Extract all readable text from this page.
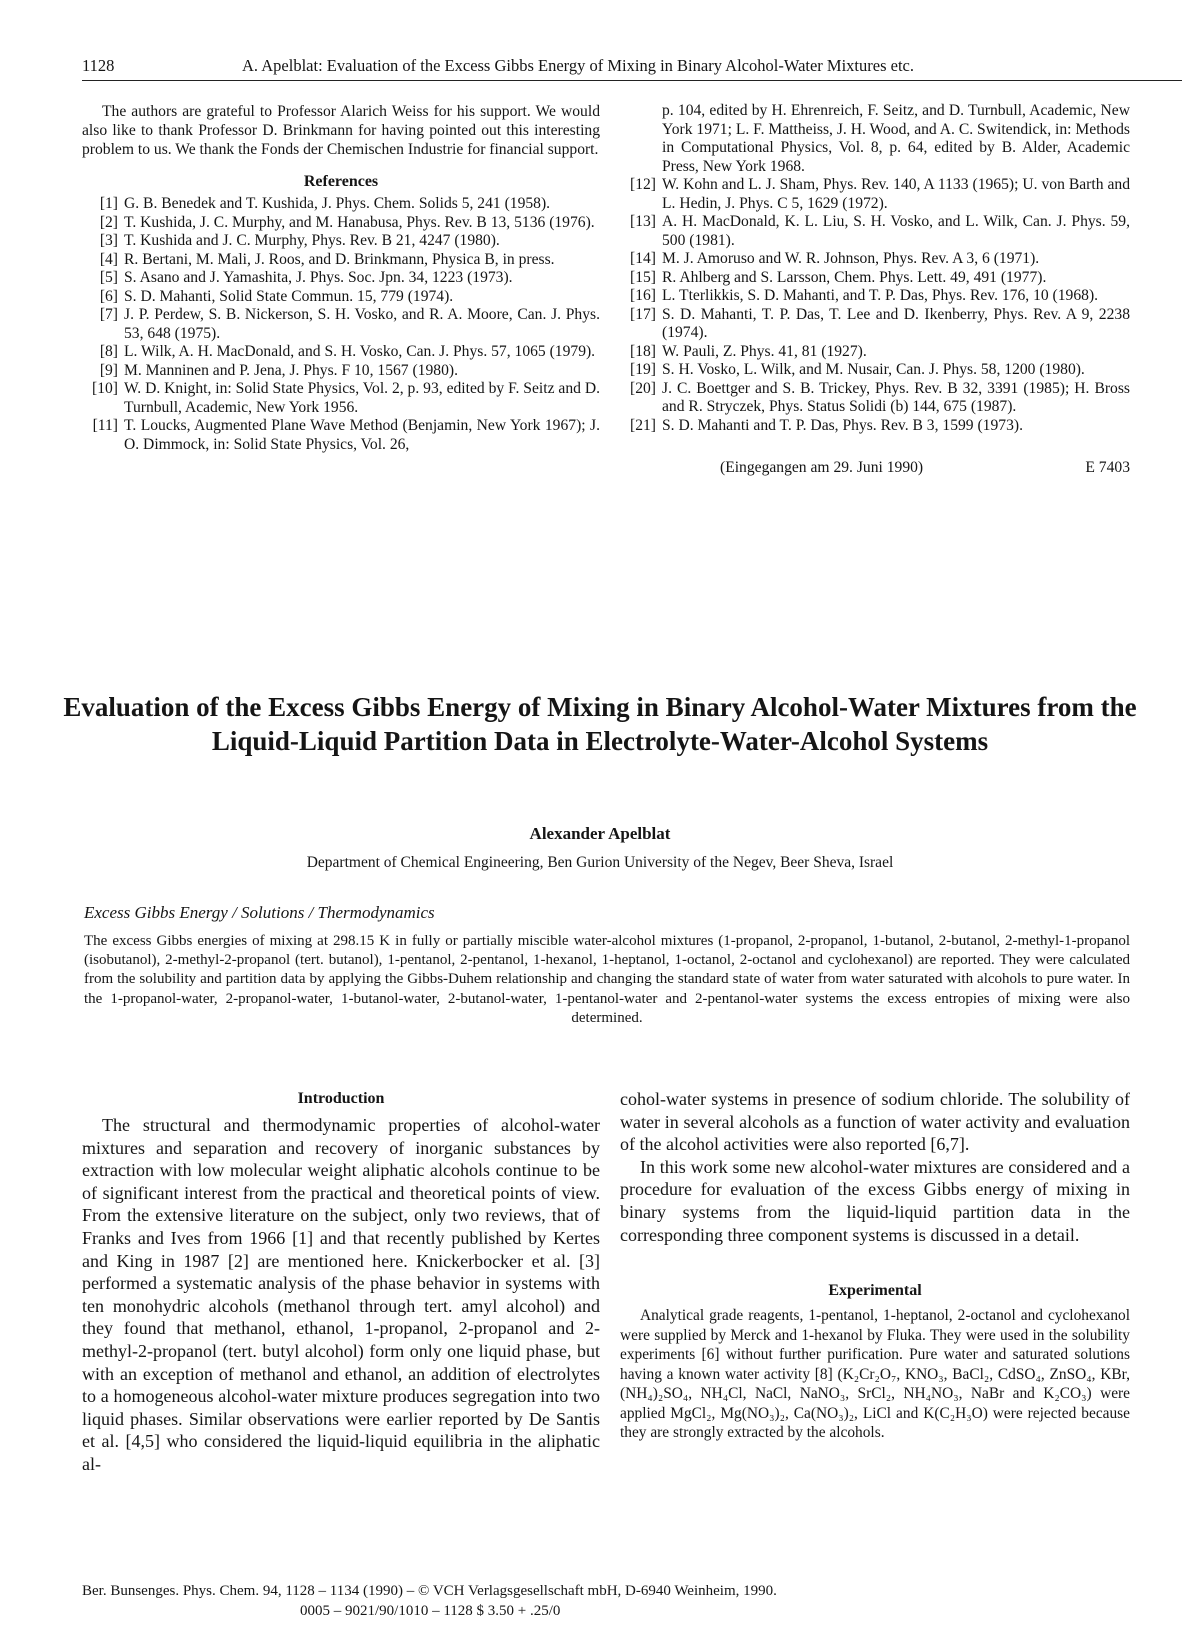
1128	A. Apelblat: Evaluation of the Excess Gibbs Energy of Mixing in Binary Alcohol-Water Mixtures etc.

The authors are grateful to Professor Alarich Weiss for his support. We would also like to thank Professor D. Brinkmann for having pointed out this interesting problem to us. We thank the Fonds der Chemischen Industrie for financial support.

References
[1] G. B. Benedek and T. Kushida, J. Phys. Chem. Solids 5, 241 (1958).
[2] T. Kushida, J. C. Murphy, and M. Hanabusa, Phys. Rev. B 13, 5136 (1976).
[3] T. Kushida and J. C. Murphy, Phys. Rev. B 21, 4247 (1980).
[4] R. Bertani, M. Mali, J. Roos, and D. Brinkmann, Physica B, in press.
[5] S. Asano and J. Yamashita, J. Phys. Soc. Jpn. 34, 1223 (1973).
[6] S. D. Mahanti, Solid State Commun. 15, 779 (1974).
[7] J. P. Perdew, S. B. Nickerson, S. H. Vosko, and R. A. Moore, Can. J. Phys. 53, 648 (1975).
[8] L. Wilk, A. H. MacDonald, and S. H. Vosko, Can. J. Phys. 57, 1065 (1979).
[9] M. Manninen and P. Jena, J. Phys. F 10, 1567 (1980).
[10] W. D. Knight, in: Solid State Physics, Vol. 2, p. 93, edited by F. Seitz and D. Turnbull, Academic, New York 1956.
[11] T. Loucks, Augmented Plane Wave Method (Benjamin, New York 1967); J. O. Dimmock, in: Solid State Physics, Vol. 26,
p. 104, edited by H. Ehrenreich, F. Seitz, and D. Turnbull, Academic, New York 1971; L. F. Mattheiss, J. H. Wood, and A. C. Switendick, in: Methods in Computational Physics, Vol. 8, p. 64, edited by B. Alder, Academic Press, New York 1968.
[12] W. Kohn and L. J. Sham, Phys. Rev. 140, A 1133 (1965); U. von Barth and L. Hedin, J. Phys. C 5, 1629 (1972).
[13] A. H. MacDonald, K. L. Liu, S. H. Vosko, and L. Wilk, Can. J. Phys. 59, 500 (1981).
[14] M. J. Amoruso and W. R. Johnson, Phys. Rev. A 3, 6 (1971).
[15] R. Ahlberg and S. Larsson, Chem. Phys. Lett. 49, 491 (1977).
[16] L. Tterlikkis, S. D. Mahanti, and T. P. Das, Phys. Rev. 176, 10 (1968).
[17] S. D. Mahanti, T. P. Das, T. Lee and D. Ikenberry, Phys. Rev. A 9, 2238 (1974).
[18] W. Pauli, Z. Phys. 41, 81 (1927).
[19] S. H. Vosko, L. Wilk, and M. Nusair, Can. J. Phys. 58, 1200 (1980).
[20] J. C. Boettger and S. B. Trickey, Phys. Rev. B 32, 3391 (1985); H. Bross and R. Stryczek, Phys. Status Solidi (b) 144, 675 (1987).
[21] S. D. Mahanti and T. P. Das, Phys. Rev. B 3, 1599 (1973).
(Eingegangen am 29. Juni 1990)	E 7403
Evaluation of the Excess Gibbs Energy of Mixing in Binary Alcohol-Water Mixtures from the Liquid-Liquid Partition Data in Electrolyte-Water-Alcohol Systems
Alexander Apelblat
Department of Chemical Engineering, Ben Gurion University of the Negev, Beer Sheva, Israel
Excess Gibbs Energy / Solutions / Thermodynamics

The excess Gibbs energies of mixing at 298.15 K in fully or partially miscible water-alcohol mixtures (1-propanol, 2-propanol, 1-butanol, 2-butanol, 2-methyl-1-propanol (isobutanol), 2-methyl-2-propanol (tert. butanol), 1-pentanol, 2-pentanol, 1-hexanol, 1-heptanol, 1-octanol, 2-octanol and cyclohexanol) are reported. They were calculated from the solubility and partition data by applying the Gibbs-Duhem relationship and changing the standard state of water from water saturated with alcohols to pure water. In the 1-propanol-water, 2-propanol-water, 1-butanol-water, 2-butanol-water, 1-pentanol-water and 2-pentanol-water systems the excess entropies of mixing were also determined.

Introduction

The structural and thermodynamic properties of alcohol-water mixtures and separation and recovery of inorganic substances by extraction with low molecular weight aliphatic alcohols continue to be of significant interest from the practical and theoretical points of view. From the extensive literature on the subject, only two reviews, that of Franks and Ives from 1966 [1] and that recently published by Kertes and King in 1987 [2] are mentioned here. Knickerbocker et al. [3] performed a systematic analysis of the phase behavior in systems with ten monohydric alcohols (methanol through tert. amyl alcohol) and they found that methanol, ethanol, 1-propanol, 2-propanol and 2-methyl-2-propanol (tert. butyl alcohol) form only one liquid phase, but with an exception of methanol and ethanol, an addition of electrolytes to a homogeneous alcohol-water mixture produces segregation into two liquid phases. Similar observations were earlier reported by De Santis et al. [4,5] who considered the liquid-liquid equilibria in the aliphatic al-

cohol-water systems in presence of sodium chloride. The solubility of water in several alcohols as a function of water activity and evaluation of the alcohol activities were also reported [6,7].

In this work some new alcohol-water mixtures are considered and a procedure for evaluation of the excess Gibbs energy of mixing in binary systems from the liquid-liquid partition data in the corresponding three component systems is discussed in a detail.

Experimental

Analytical grade reagents, 1-pentanol, 1-heptanol, 2-octanol and cyclohexanol were supplied by Merck and 1-hexanol by Fluka. They were used in the solubility experiments [6] without further purification. Pure water and saturated solutions having a known water activity [8] (K₂Cr₂O₇, KNO₃, BaCl₂, CdSO₄, ZnSO₄, KBr, (NH₄)₂SO₄, NH₄Cl, NaCl, NaNO₃, SrCl₂, NH₄NO₃, NaBr and K₂CO₃) were applied MgCl₂, Mg(NO₃)₂, Ca(NO₃)₂, LiCl and K(C₂H₃O) were rejected because they are strongly extracted by the alcohols.

Ber. Bunsenges. Phys. Chem. 94, 1128 – 1134 (1990) – © VCH Verlagsgesellschaft mbH, D-6940 Weinheim, 1990.
0005 – 9021/90/1010 – 1128 $ 3.50 + .25/0
